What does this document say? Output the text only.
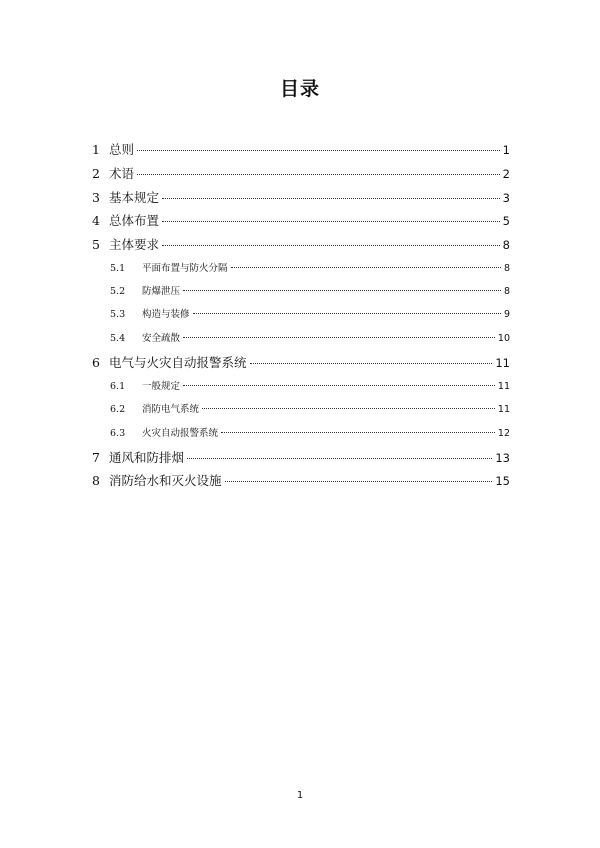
目录
1 总则	1
2 术语	2
3 基本规定	3
4 总体布置	5
5 主体要求	8
5.1	平面布置与防火分隔	8
5.2	防爆泄压	8
5.3	构造与装修	9
5.4	安全疏散	10
6 电气与火灾自动报警系统	11
6.1	一般规定	11
6.2	消防电气系统	11
6.3	火灾自动报警系统	12
7 通风和防排烟	13
8 消防给水和灭火设施	15
1
